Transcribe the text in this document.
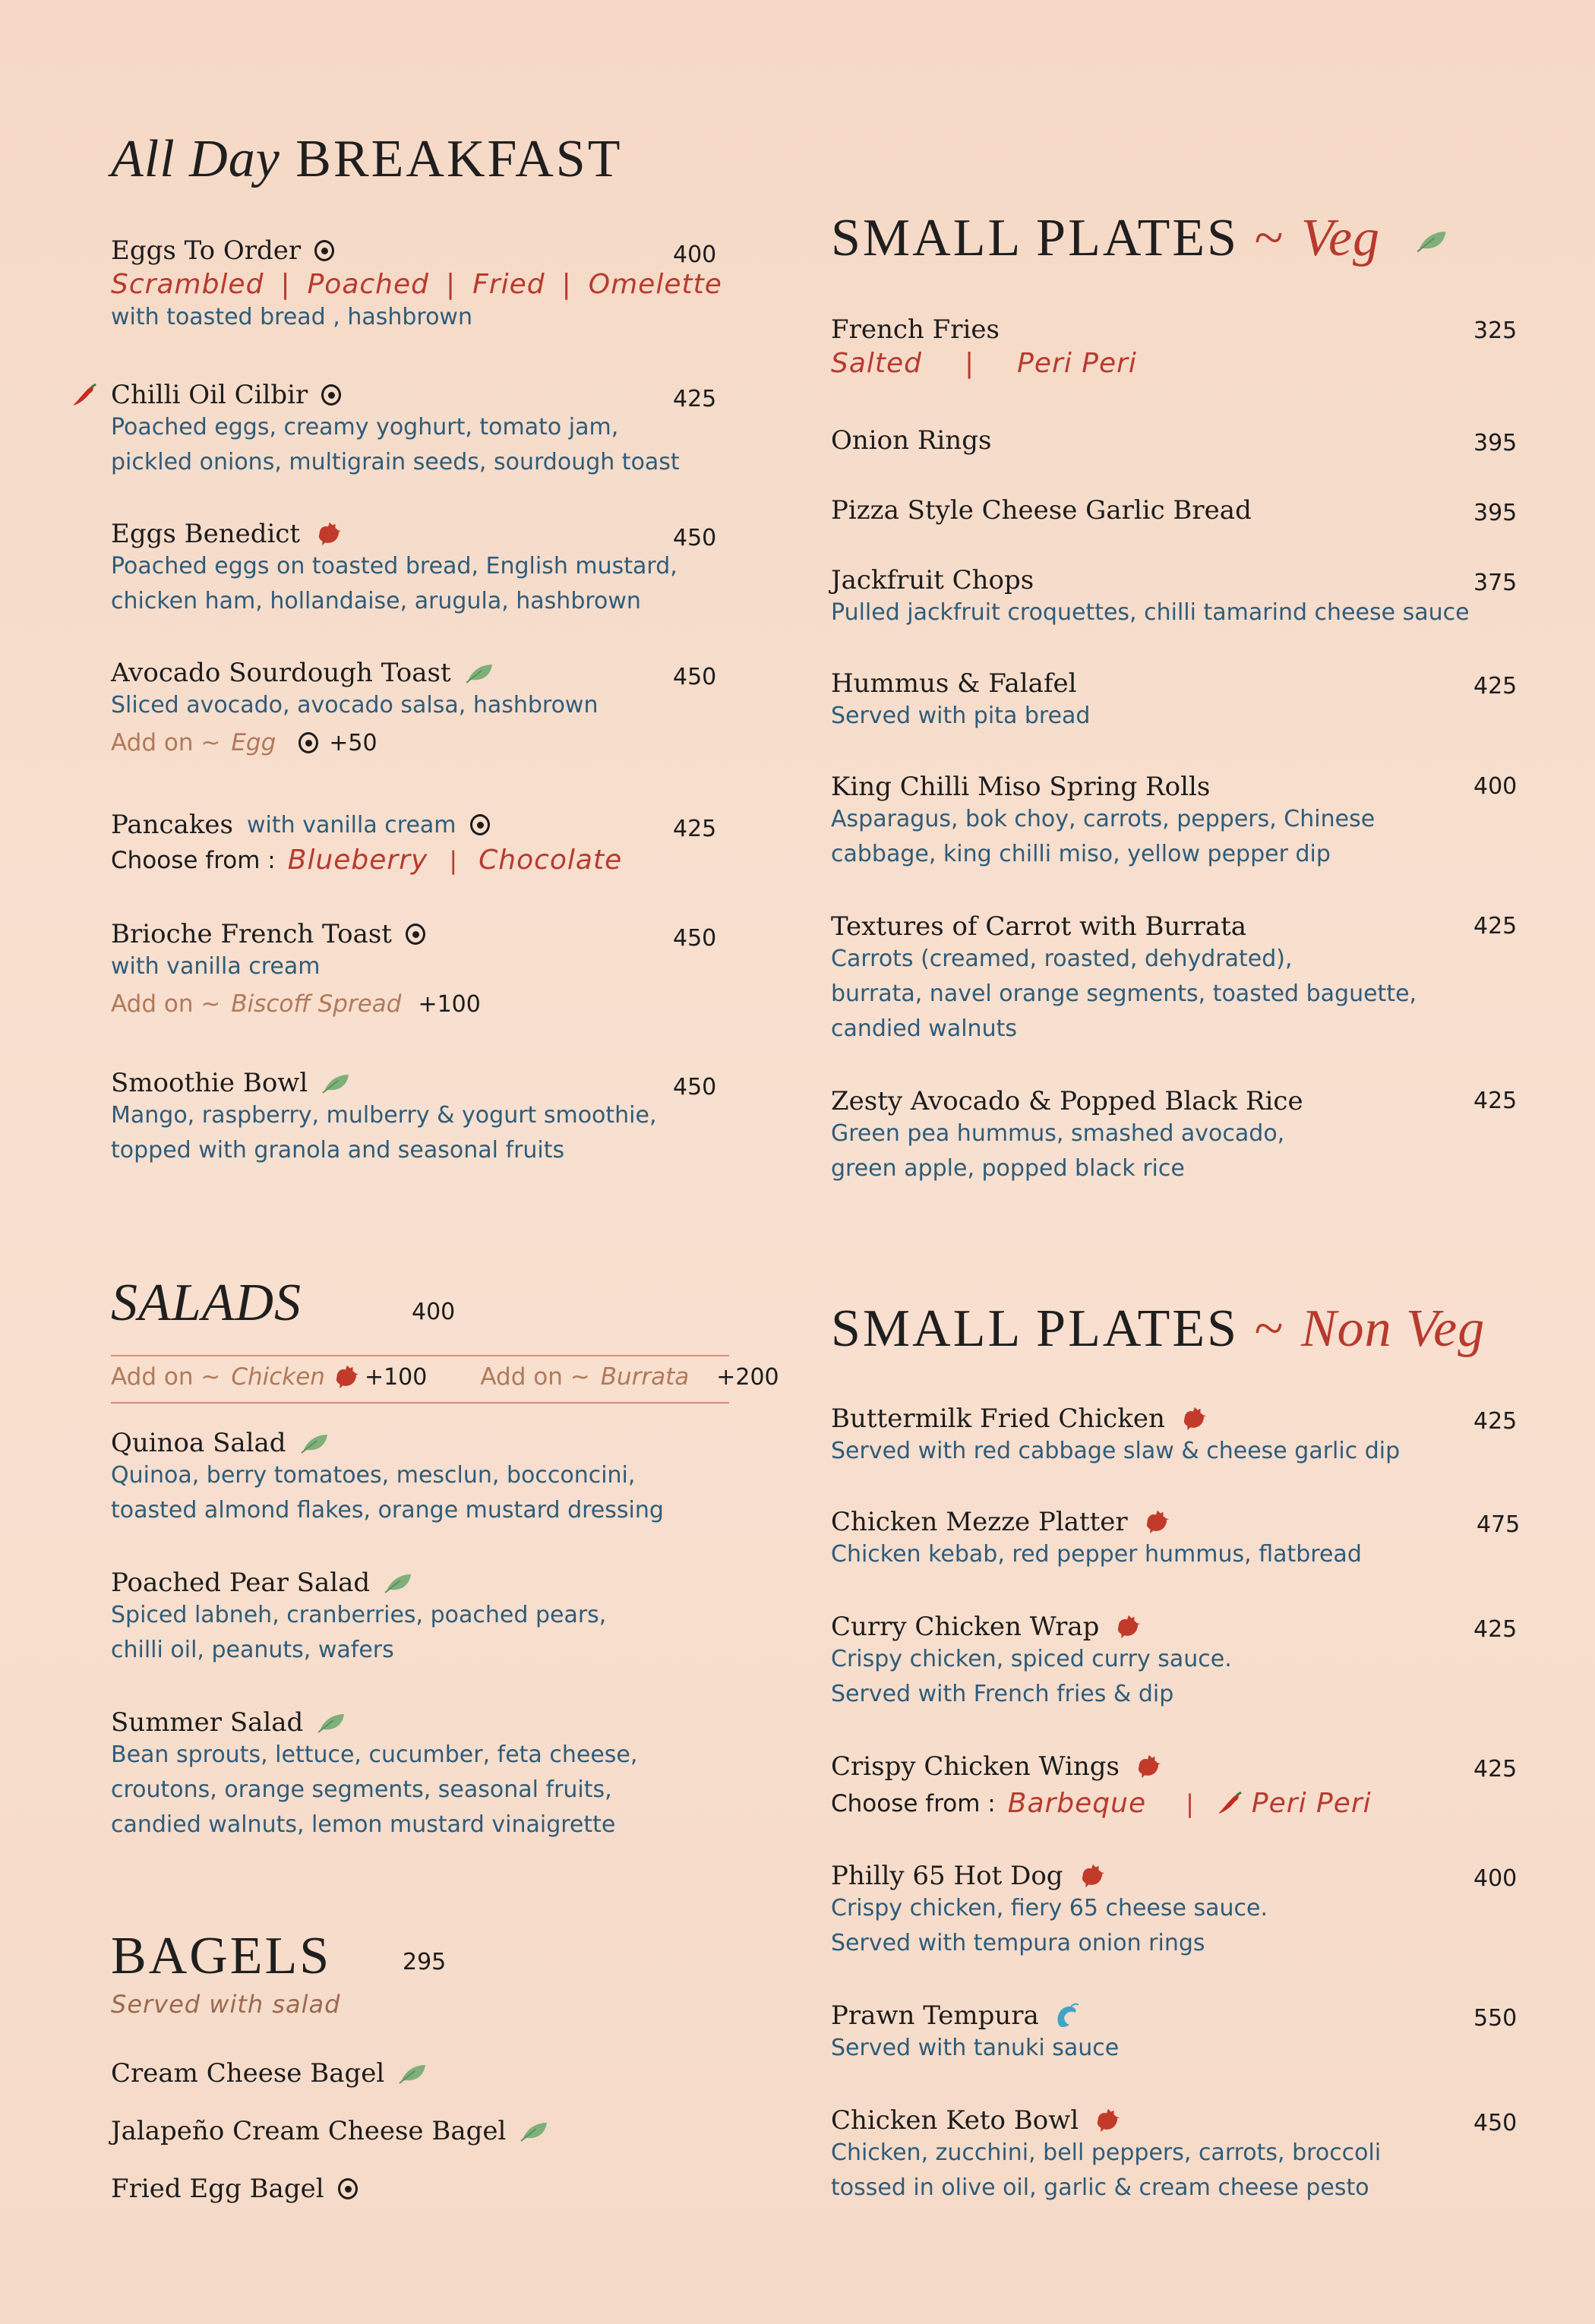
All Day BREAKFAST
Eggs To Order	400
Scrambled | Poached | Fried | Omelette
with toasted bread , hashbrown
Chilli Oil Cilbir	425
Poached eggs, creamy yoghurt, tomato jam,
pickled onions, multigrain seeds, sourdough toast
Eggs Benedict	450
Poached eggs on toasted bread, English mustard,
chicken ham, hollandaise, arugula, hashbrown
Avocado Sourdough Toast	450
Sliced avocado, avocado salsa, hashbrown
Add on ~ Egg +50
Pancakes with vanilla cream	425
Choose from : Blueberry | Chocolate
Brioche French Toast	450
with vanilla cream
Add on ~ Biscoff Spread +100
Smoothie Bowl	450
Mango, raspberry, mulberry & yogurt smoothie,
topped with granola and seasonal fruits
SALADS	400
Add on ~ Chicken +100 Add on ~ Burrata +200
Quinoa Salad
Quinoa, berry tomatoes, mesclun, bocconcini,
toasted almond flakes, orange mustard dressing
Poached Pear Salad
Spiced labneh, cranberries, poached pears,
chilli oil, peanuts, wafers
Summer Salad
Bean sprouts, lettuce, cucumber, feta cheese,
croutons, orange segments, seasonal fruits,
candied walnuts, lemon mustard vinaigrette
BAGELS	295
Served with salad
Cream Cheese Bagel
Jalapeño Cream Cheese Bagel
Fried Egg Bagel
SMALL PLATES ~ Veg
French Fries	325
Salted | Peri Peri
Onion Rings	395
Pizza Style Cheese Garlic Bread	395
Jackfruit Chops	375
Pulled jackfruit croquettes, chilli tamarind cheese sauce
Hummus & Falafel	425
Served with pita bread
King Chilli Miso Spring Rolls	400
Asparagus, bok choy, carrots, peppers, Chinese
cabbage, king chilli miso, yellow pepper dip
Textures of Carrot with Burrata	425
Carrots (creamed, roasted, dehydrated),
burrata, navel orange segments, toasted baguette,
candied walnuts
Zesty Avocado & Popped Black Rice	425
Green pea hummus, smashed avocado,
green apple, popped black rice
SMALL PLATES ~ Non Veg
Buttermilk Fried Chicken	425
Served with red cabbage slaw & cheese garlic dip
Chicken Mezze Platter	475
Chicken kebab, red pepper hummus, flatbread
Curry Chicken Wrap	425
Crispy chicken, spiced curry sauce.
Served with French fries & dip
Crispy Chicken Wings	425
Choose from : Barbeque | Peri Peri
Philly 65 Hot Dog	400
Crispy chicken, fiery 65 cheese sauce.
Served with tempura onion rings
Prawn Tempura	550
Served with tanuki sauce
Chicken Keto Bowl	450
Chicken, zucchini, bell peppers, carrots, broccoli
tossed in olive oil, garlic & cream cheese pesto
